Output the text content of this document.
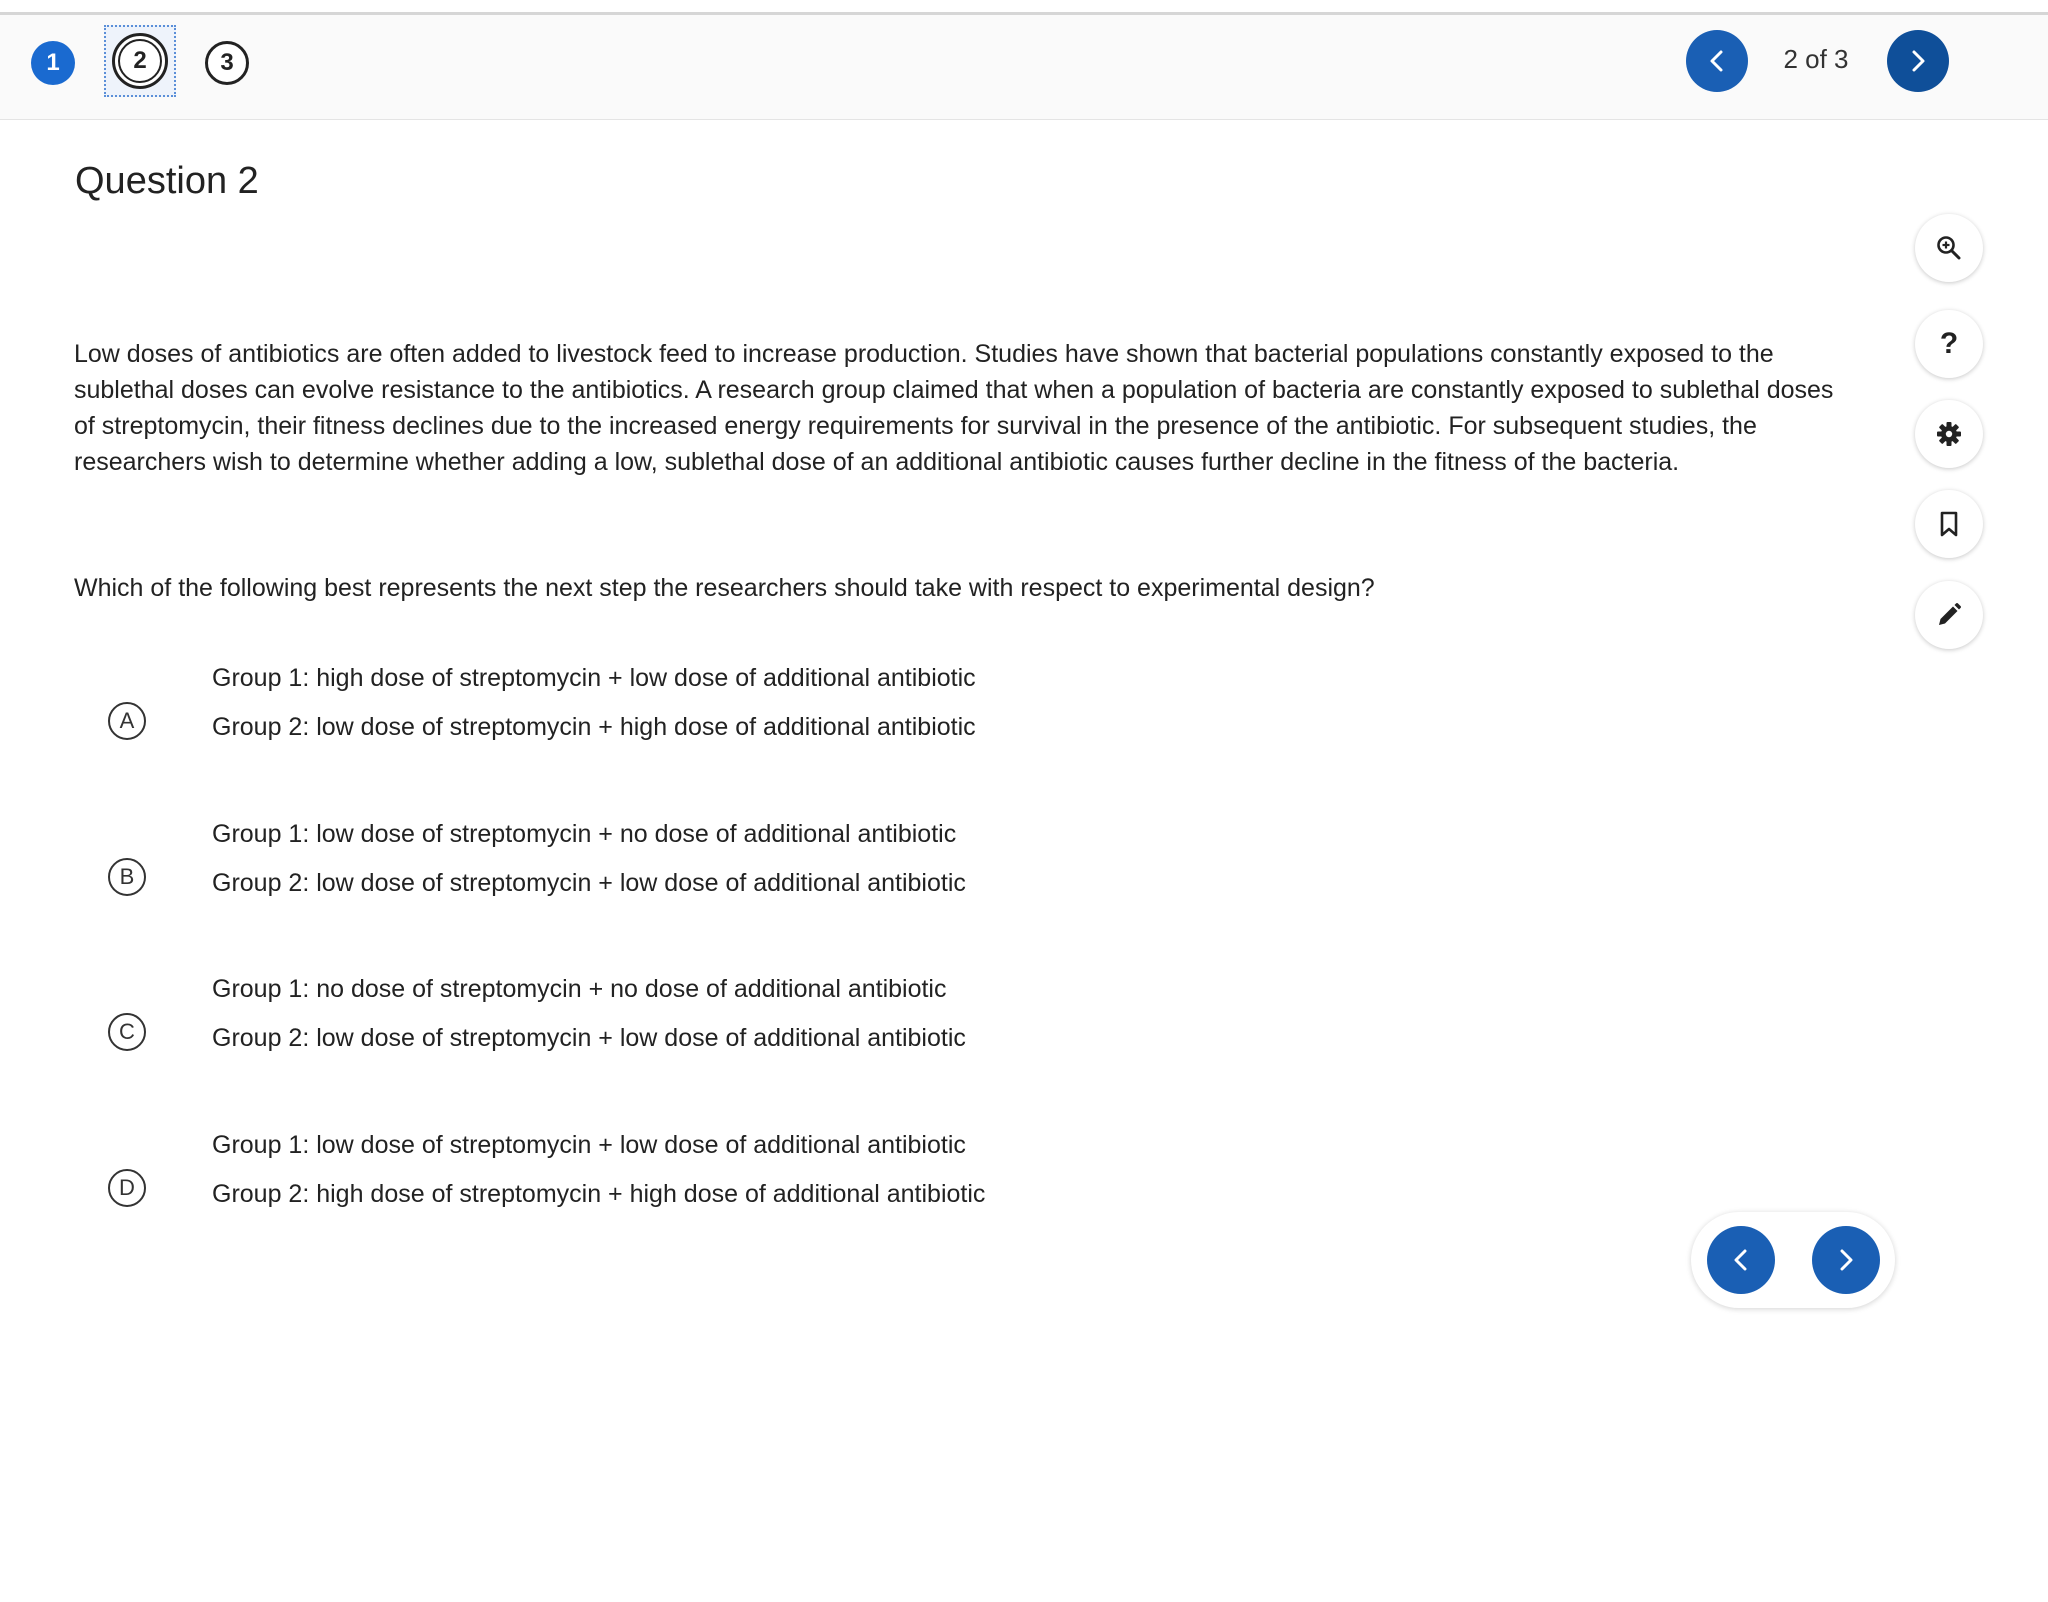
1	2	3	2 of 3
Question 2
Low doses of antibiotics are often added to livestock feed to increase production. Studies have shown that bacterial populations constantly exposed to the sublethal doses can evolve resistance to the antibiotics. A research group claimed that when a population of bacteria are constantly exposed to sublethal doses of streptomycin, their fitness declines due to the increased energy requirements for survival in the presence of the antibiotic. For subsequent studies, the researchers wish to determine whether adding a low, sublethal dose of an additional antibiotic causes further decline in the fitness of the bacteria.
Which of the following best represents the next step the researchers should take with respect to experimental design?
A
Group 1: high dose of streptomycin + low dose of additional antibiotic
Group 2: low dose of streptomycin + high dose of additional antibiotic
B
Group 1: low dose of streptomycin + no dose of additional antibiotic
Group 2: low dose of streptomycin + low dose of additional antibiotic
C
Group 1: no dose of streptomycin + no dose of additional antibiotic
Group 2: low dose of streptomycin + low dose of additional antibiotic
D
Group 1: low dose of streptomycin + low dose of additional antibiotic
Group 2: high dose of streptomycin + high dose of additional antibiotic
?
